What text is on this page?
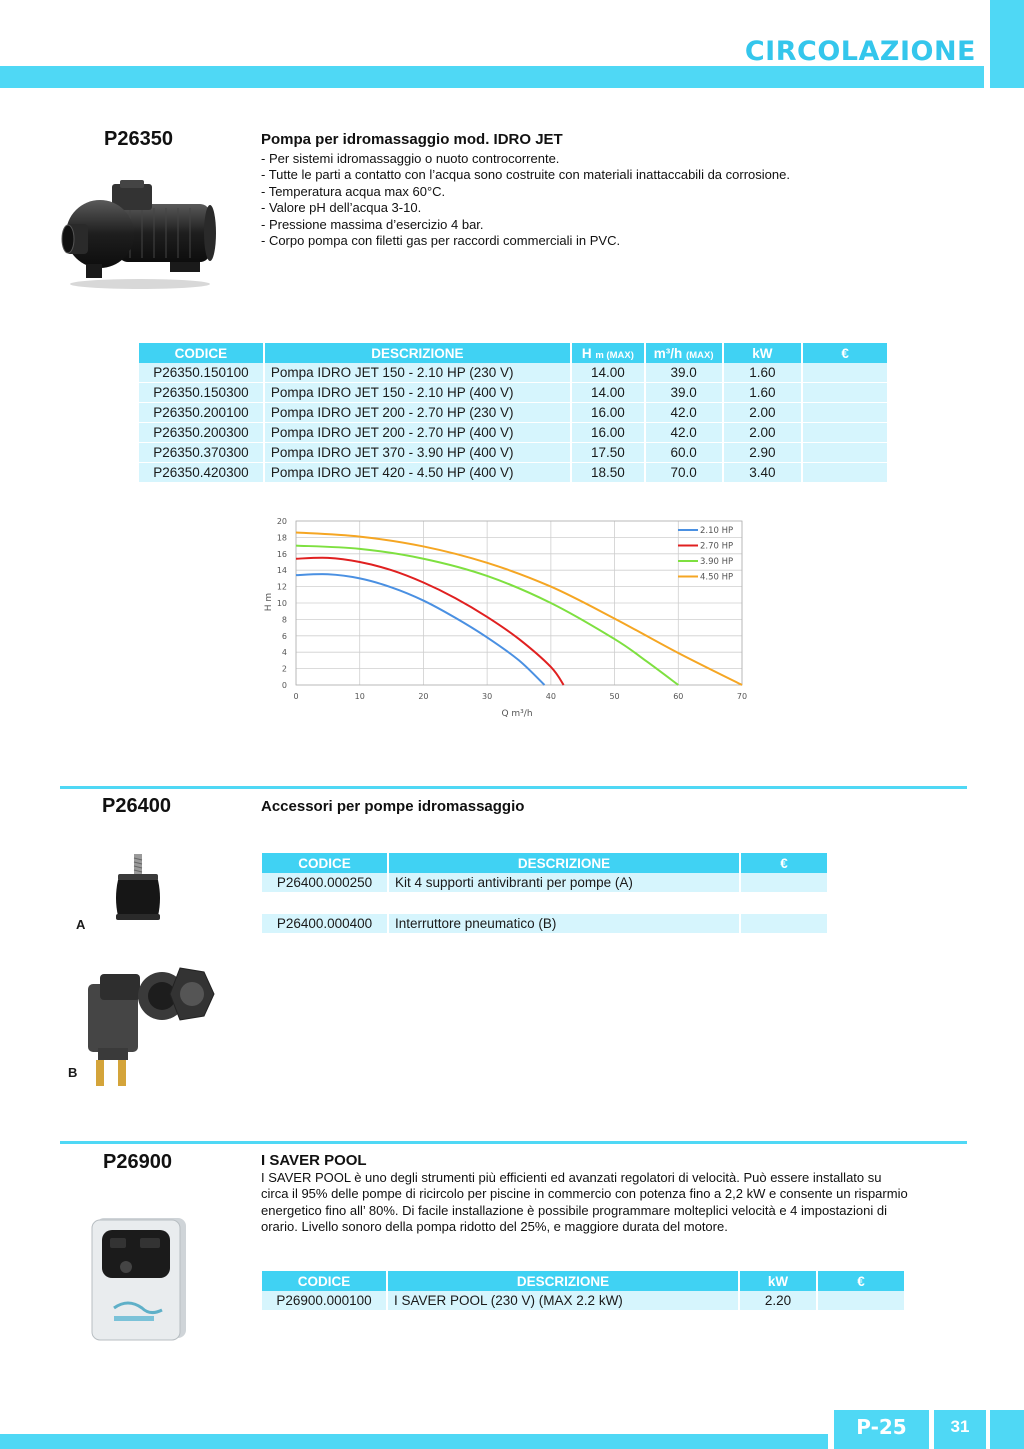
CIRCOLAZIONE
P26350	Pompa per idromassaggio mod. IDRO JET
- Per sistemi idromassaggio o nuoto controcorrente.
- Tutte le parti a contatto con l’acqua sono costruite con materiali inattaccabili da corrosione.
- Temperatura acqua max 60°C.
- Valore pH dell’acqua 3-10.
- Pressione massima d’esercizio 4 bar.
- Corpo pompa con filetti gas per raccordi commerciali in PVC.
CODICE	DESCRIZIONE	H m (MAX)	m³/h (MAX)	kW	€
P26350.150100	Pompa IDRO JET 150 - 2.10 HP (230 V)	14.00	39.0	1.60	
P26350.150300	Pompa IDRO JET 150 - 2.10 HP (400 V)	14.00	39.0	1.60	
P26350.200100	Pompa IDRO JET 200 - 2.70 HP (230 V)	16.00	42.0	2.00	
P26350.200300	Pompa IDRO JET 200 - 2.70 HP (400 V)	16.00	42.0	2.00	
P26350.370300	Pompa IDRO JET 370 - 3.90 HP (400 V)	17.50	60.0	2.90	
P26350.420300	Pompa IDRO JET 420 - 4.50 HP (400 V)	18.50	70.0	3.40	
0
2
4
6
8
10
12
14
16
18
20
0	10	20	30	40	50	60	70
2.10 HP
2.70 HP
3.90 HP
4.50 HP
Q m³/h
H m
P26400	Accessori per pompe idromassaggio
A
B
CODICE	DESCRIZIONE	€
P26400.000250	Kit 4 supporti antivibranti per pompe (A)	
P26400.000400	Interruttore pneumatico (B)	
P26900	I SAVER POOL
I SAVER POOL è uno degli strumenti più efficienti ed avanzati regolatori di velocità. Può essere installato su
circa il 95% delle pompe di ricircolo per piscine in commercio con potenza fino a 2,2 kW e consente un risparmio
energetico fino all’ 80%. Di facile installazione è possibile programmare molteplici velocità e 4 impostazioni di
orario. Livello sonoro della pompa ridotto del 25%, e maggiore durata del motore.
CODICE	DESCRIZIONE	kW	€
P26900.000100	I SAVER POOL (230 V) (MAX 2.2 kW)	2.20	
P-25	31
